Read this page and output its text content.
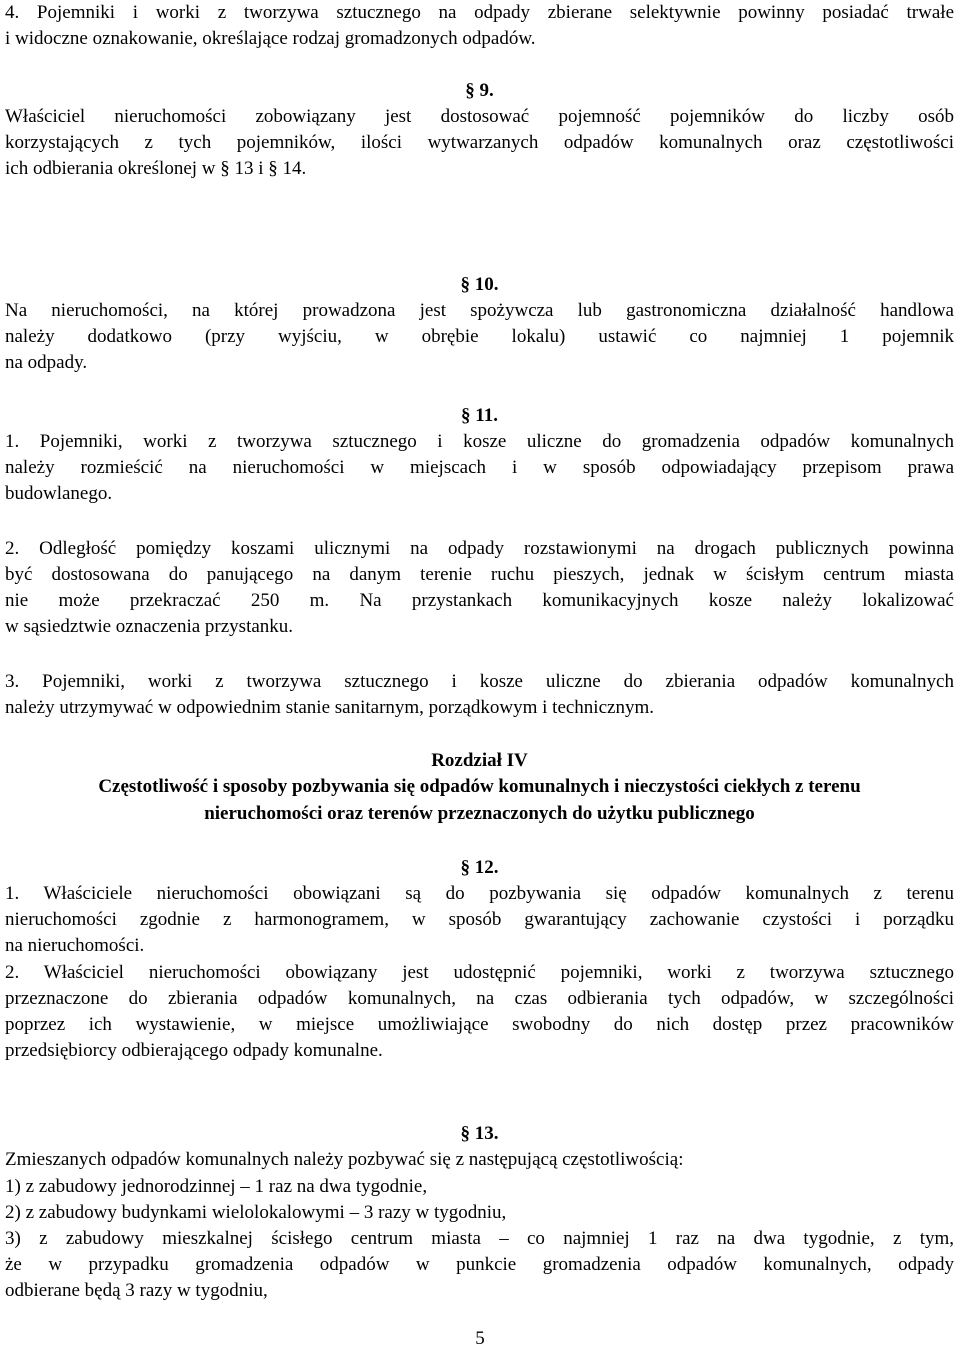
4. Pojemniki i worki z tworzywa sztucznego na odpady zbierane selektywnie powinny posiadać trwałe
i widoczne oznakowanie, określające rodzaj gromadzonych odpadów.
§ 9.
Właściciel nieruchomości zobowiązany jest dostosować pojemność pojemników do liczby osób
korzystających z tych pojemników, ilości wytwarzanych odpadów komunalnych oraz częstotliwości
ich odbierania określonej w § 13 i § 14.
§ 10.
Na nieruchomości, na której prowadzona jest spożywcza lub gastronomiczna działalność handlowa
należy dodatkowo (przy wyjściu, w obrębie lokalu) ustawić co najmniej 1 pojemnik
na odpady.
§ 11.
1. Pojemniki, worki z tworzywa sztucznego i kosze uliczne do gromadzenia odpadów komunalnych
należy rozmieścić na nieruchomości w miejscach i w sposób odpowiadający przepisom prawa
budowlanego.
2. Odległość pomiędzy koszami ulicznymi na odpady rozstawionymi na drogach publicznych powinna
być dostosowana do panującego na danym terenie ruchu pieszych, jednak w ścisłym centrum miasta
nie może przekraczać 250 m. Na przystankach komunikacyjnych kosze należy lokalizować
w sąsiedztwie oznaczenia przystanku.
3. Pojemniki, worki z tworzywa sztucznego i kosze uliczne do zbierania odpadów komunalnych
należy utrzymywać w odpowiednim stanie sanitarnym, porządkowym i technicznym.
Rozdział IV
Częstotliwość i sposoby pozbywania się odpadów komunalnych i nieczystości ciekłych z terenu
nieruchomości oraz terenów przeznaczonych do użytku publicznego
§ 12.
1. Właściciele nieruchomości obowiązani są do pozbywania się odpadów komunalnych z terenu
nieruchomości zgodnie z harmonogramem, w sposób gwarantujący zachowanie czystości i porządku
na nieruchomości.
2. Właściciel nieruchomości obowiązany jest udostępnić pojemniki, worki z tworzywa sztucznego
przeznaczone do zbierania odpadów komunalnych, na czas odbierania tych odpadów, w szczególności
poprzez ich wystawienie, w miejsce umożliwiające swobodny do nich dostęp przez pracowników
przedsiębiorcy odbierającego odpady komunalne.
§ 13.
Zmieszanych odpadów komunalnych należy pozbywać się z następującą częstotliwością:
1) z zabudowy jednorodzinnej – 1 raz na dwa tygodnie,
2) z zabudowy budynkami wielolokalowymi – 3 razy w tygodniu,
3) z zabudowy mieszkalnej ścisłego centrum miasta – co najmniej 1 raz na dwa tygodnie, z tym,
że w przypadku gromadzenia odpadów w punkcie gromadzenia odpadów komunalnych, odpady
odbierane będą 3 razy w tygodniu,
5
